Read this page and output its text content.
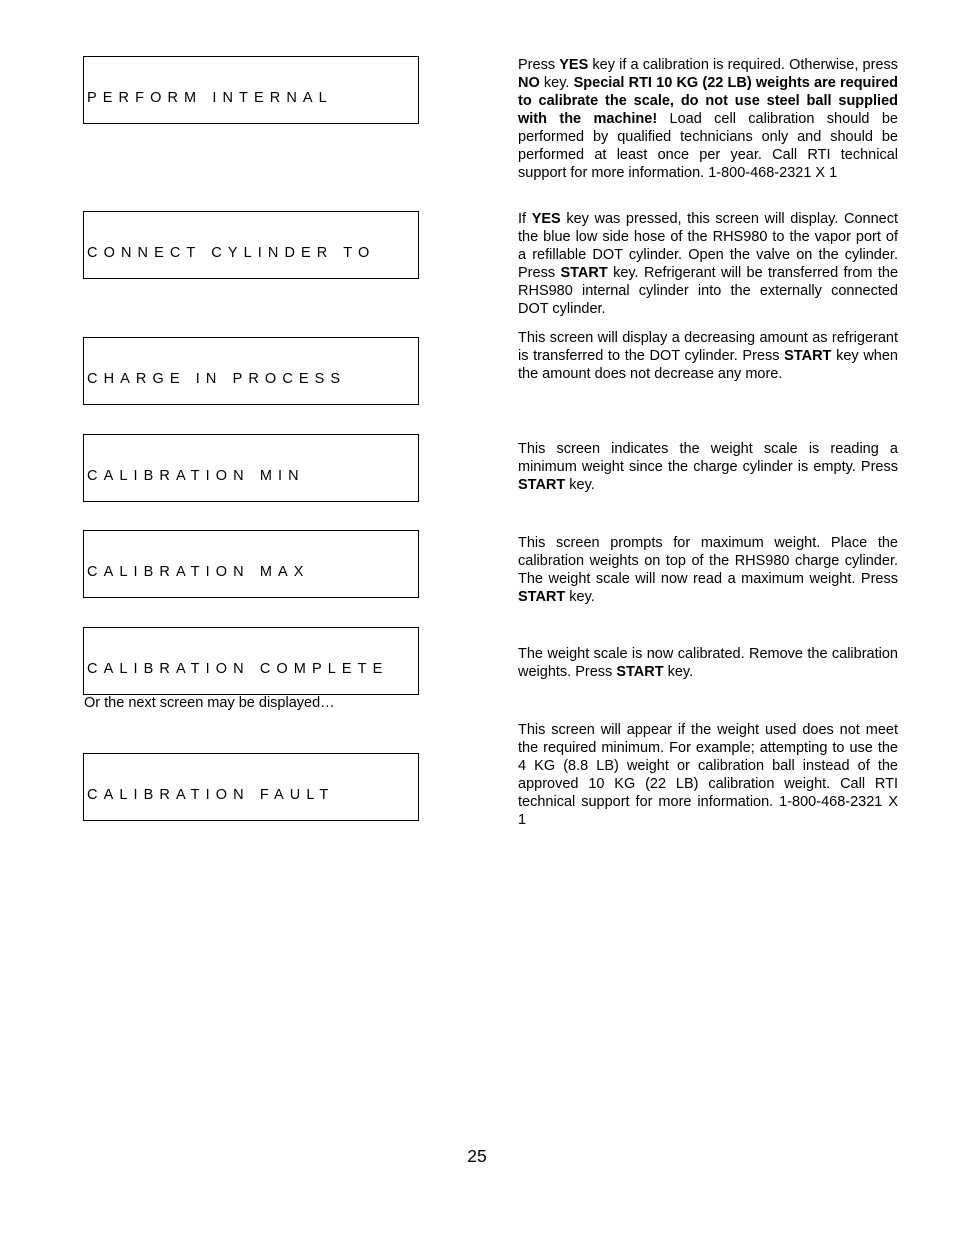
PERFORM INTERNAL

Press YES key if a calibration is required. Otherwise, press NO key. Special RTI 10 KG (22 LB) weights are required to calibrate the scale, do not use steel ball supplied with the machine! Load cell calibration should be performed by qualified technicians only and should be performed at least once per year. Call RTI technical support for more information. 1-800-468-2321 X 1

CONNECT CYLINDER TO

If YES key was pressed, this screen will display. Connect the blue low side hose of the RHS980 to the vapor port of a refillable DOT cylinder. Open the valve on the cylinder. Press START key. Refrigerant will be transferred from the RHS980 internal cylinder into the externally connected DOT cylinder.

CHARGE IN PROCESS

This screen will display a decreasing amount as refrigerant is transferred to the DOT cylinder. Press START key when the amount does not decrease any more.

CALIBRATION MIN

This screen indicates the weight scale is reading a minimum weight since the charge cylinder is empty. Press START key.

CALIBRATION MAX

This screen prompts for maximum weight. Place the calibration weights on top of the RHS980 charge cylinder. The weight scale will now read a maximum weight. Press START key.

CALIBRATION COMPLETE

The weight scale is now calibrated. Remove the calibration weights. Press START key.
Or the next screen may be displayed…

CALIBRATION FAULT

This screen will appear if the weight used does not meet the required minimum. For example; attempting to use the 4 KG (8.8 LB) weight or calibration ball instead of the approved 10 KG (22 LB) calibration weight. Call RTI technical support for more information. 1-800-468-2321 X 1
25
